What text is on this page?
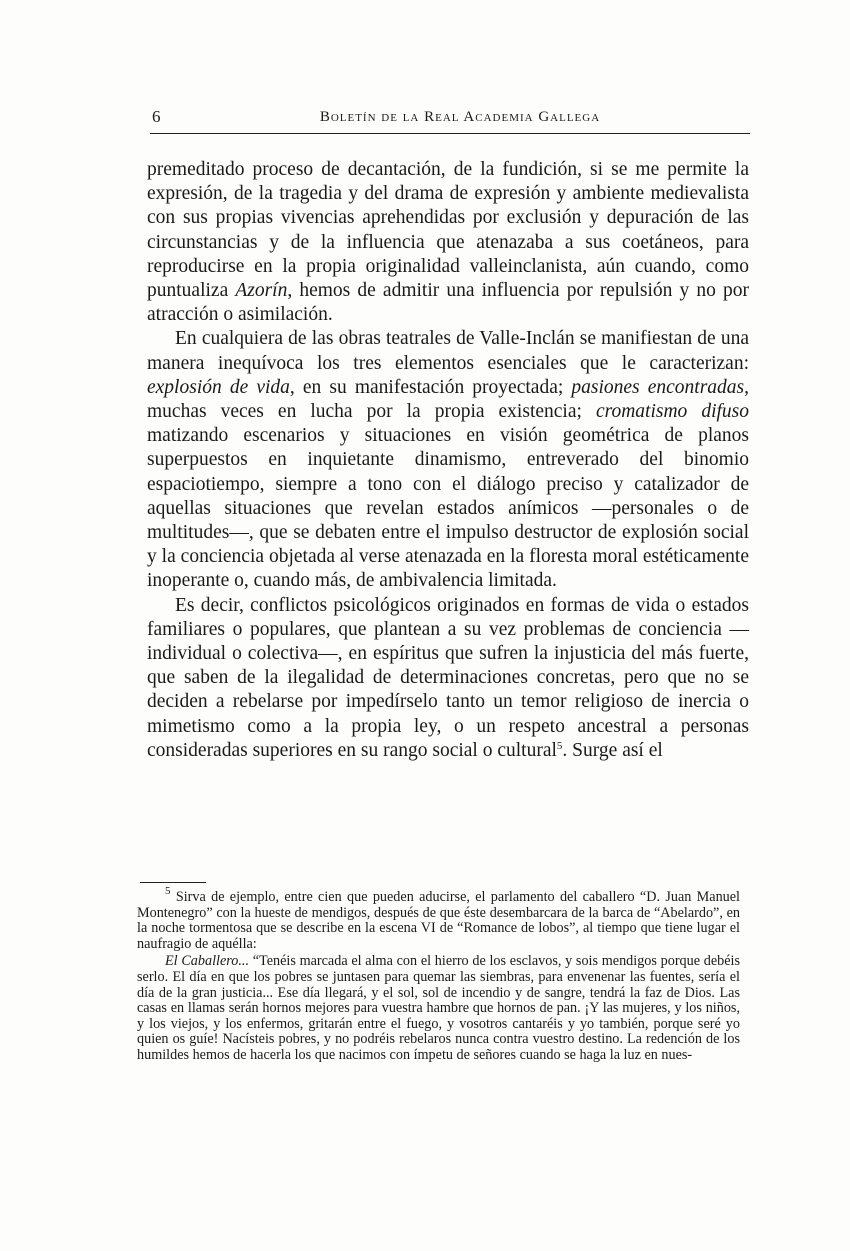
6	Boletín de la Real Academia Gallega

premeditado proceso de decantación, de la fundición, si se me permite la expresión, de la tragedia y del drama de expresión y ambiente medievalista con sus propias vivencias aprehendidas por exclusión y depuración de las circunstancias y de la influencia que atenazaba a sus coetáneos, para reproducirse en la propia originalidad valleinclanista, aún cuando, como puntualiza Azorín, hemos de admitir una influencia por repulsión y no por atracción o asimilación.

En cualquiera de las obras teatrales de Valle-Inclán se manifiestan de una manera inequívoca los tres elementos esenciales que le caracterizan: explosión de vida, en su manifestación proyectada; pasiones encontradas, muchas veces en lucha por la propia existencia; cromatismo difuso matizando escenarios y situaciones en visión geométrica de planos superpuestos en inquietante dinamismo, entreverado del binomio espaciotiempo, siempre a tono con el diálogo preciso y catalizador de aquellas situaciones que revelan estados anímicos —personales o de multitudes—, que se debaten entre el impulso destructor de explosión social y la conciencia objetada al verse atenazada en la floresta moral estéticamente inoperante o, cuando más, de ambivalencia limitada.

Es decir, conflictos psicológicos originados en formas de vida o estados familiares o populares, que plantean a su vez problemas de conciencia —individual o colectiva—, en espíritus que sufren la injusticia del más fuerte, que saben de la ilegalidad de determinaciones concretas, pero que no se deciden a rebelarse por impedírselo tanto un temor religioso de inercia o mimetismo como a la propia ley, o un respeto ancestral a personas consideradas superiores en su rango social o cultural$^5$. Surge así el

$^5$ Sirva de ejemplo, entre cien que pueden aducirse, el parlamento del caballero “D. Juan Manuel Montenegro” con la hueste de mendigos, después de que éste desembarcara de la barca de “Abelardo”, en la noche tormentosa que se describe en la escena VI de “Romance de lobos”, al tiempo que tiene lugar el naufragio de aquélla:

El Caballero... “Tenéis marcada el alma con el hierro de los esclavos, y sois mendigos porque debéis serlo. El día en que los pobres se juntasen para quemar las siembras, para envenenar las fuentes, sería el día de la gran justicia... Ese día llegará, y el sol, sol de incendio y de sangre, tendrá la faz de Dios. Las casas en llamas serán hornos mejores para vuestra hambre que hornos de pan. ¡Y las mujeres, y los niños, y los viejos, y los enfermos, gritarán entre el fuego, y vosotros cantaréis y yo también, porque seré yo quien os guíe! Nacísteis pobres, y no podréis rebelaros nunca contra vuestro destino. La redención de los humildes hemos de hacerla los que nacimos con ímpetu de señores cuando se haga la luz en nues-
